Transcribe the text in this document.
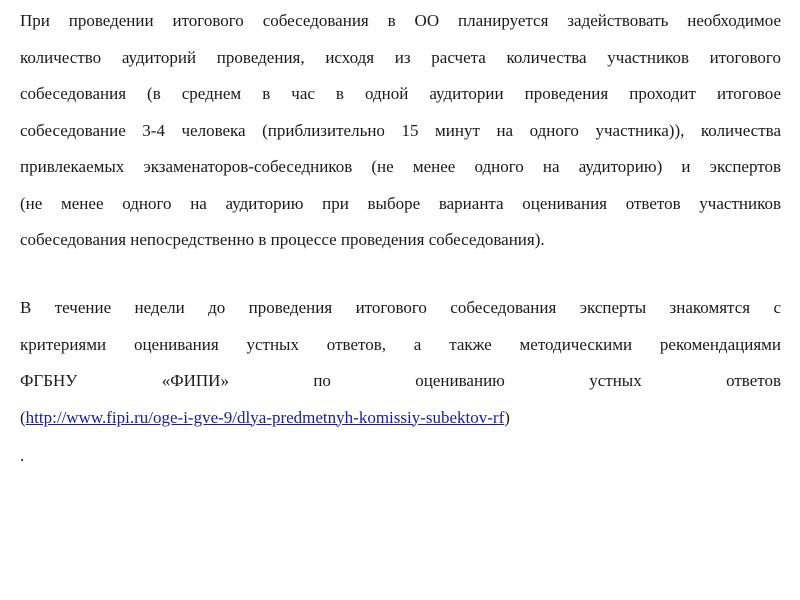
При проведении итогового собеседования в ОО планируется задействовать необходимое
количество аудиторий проведения, исходя из расчета количества участников итогового
собеседования (в среднем в час в одной аудитории проведения проходит итоговое
собеседование 3-4 человека (приблизительно 15 минут на одного участника)), количества
привлекаемых экзаменаторов-собеседников (не менее одного на аудиторию) и экспертов
(не менее одного на аудиторию при выборе варианта оценивания ответов участников
собеседования непосредственно в процессе проведения собеседования).
В течение недели до проведения итогового собеседования эксперты знакомятся с
критериями оценивания устных ответов, а также методическими рекомендациями
ФГБНУ «ФИПИ» по оцениванию устных ответов
(http://www.fipi.ru/oge-i-gve-9/dlya-predmetnyh-komissiy-subektov-rf)
.
